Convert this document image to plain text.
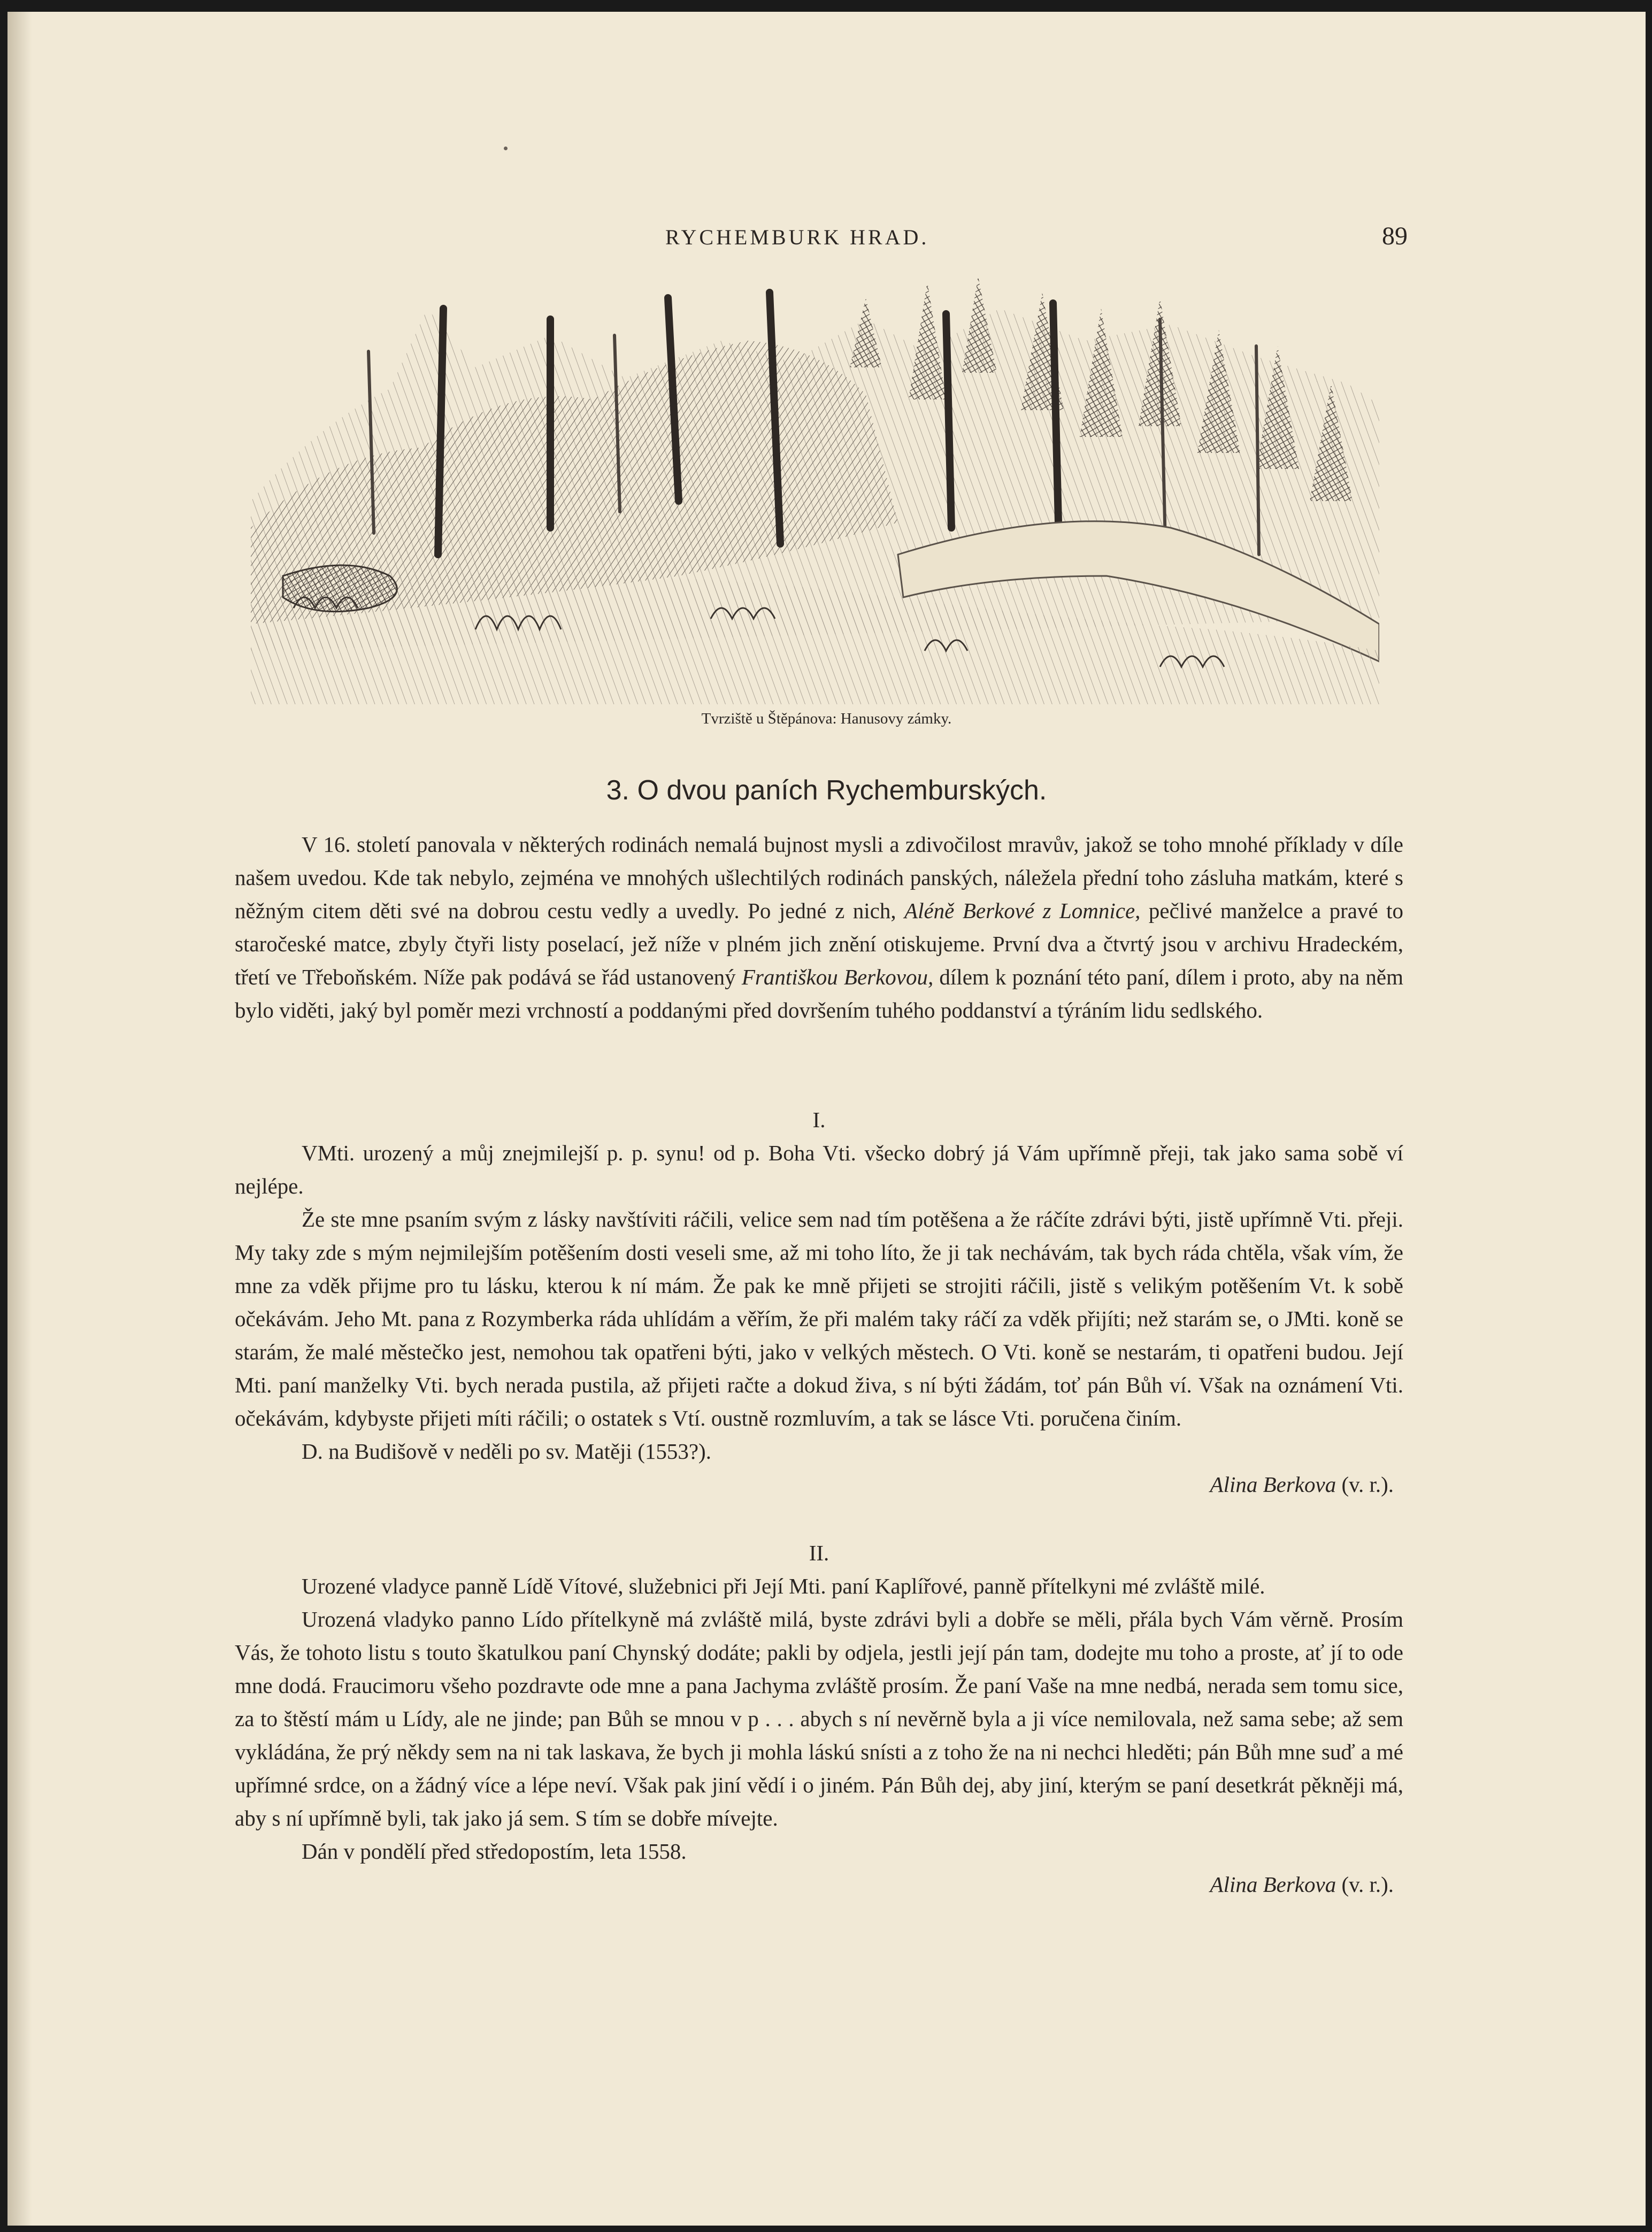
RYCHEMBURK HRAD.	89
Tvrziště u Štěpánova: Hanusovy zámky.
3. O dvou paních Rychemburských.

V 16. století panovala v některých rodinách nemalá bujnost mysli a zdivočilost mravův, jakož se toho mnohé příklady v díle našem uvedou. Kde tak nebylo, zejména ve mnohých ušlechtilých rodinách panských, náležela přední toho zásluha matkám, které s něžným citem děti své na dobrou cestu vedly a uvedly. Po jedné z nich, Aléně Berkové z Lomnice, pečlivé manželce a pravé to staročeské matce, zbyly čtyři listy poselací, jež níže v plném jich znění otiskujeme. První dva a čtvrtý jsou v archivu Hradeckém, třetí ve Třeboňském. Níže pak podává se řád ustanovený Františkou Berkovou, dílem k poznání této paní, dílem i proto, aby na něm bylo viděti, jaký byl poměr mezi vrchností a poddanými před dovršením tuhého poddanství a týráním lidu sedlského.

I.

VMti. urozený a můj znejmilejší p. p. synu! od p. Boha Vti. všecko dobrý já Vám upřímně přeji, tak jako sama sobě ví nejlépe.

Že ste mne psaním svým z lásky navštíviti ráčili, velice sem nad tím potěšena a že ráčíte zdrávi býti, jistě upřímně Vti. přeji. My taky zde s mým nejmilejším potěšením dosti veseli sme, až mi toho líto, že ji tak nechávám, tak bych ráda chtěla, však vím, že mne za vděk přijme pro tu lásku, kterou k ní mám. Že pak ke mně přijeti se strojiti ráčili, jistě s velikým potěšením Vt. k sobě očekávám. Jeho Mt. pana z Rozymberka ráda uhlídám a věřím, že při malém taky ráčí za vděk přijíti; než starám se, o JMti. koně se starám, že malé městečko jest, nemohou tak opatřeni býti, jako v velkých městech. O Vti. koně se nestarám, ti opatřeni budou. Její Mti. paní manželky Vti. bych nerada pustila, až přijeti račte a dokud živa, s ní býti žádám, toť pán Bůh ví. Však na oznámení Vti. očekávám, kdybyste přijeti míti ráčili; o ostatek s Vtí. oustně rozmluvím, a tak se lásce Vti. poručena činím.

D. na Budišově v neděli po sv. Matěji (1553?).

Alina Berkova (v. r.).

II.

Urozené vladyce panně Lídě Vítové, služebnici při Její Mti. paní Kaplířové, panně přítelkyni mé zvláště milé.

Urozená vladyko panno Lído přítelkyně má zvláště milá, byste zdrávi byli a dobře se měli, přála bych Vám věrně. Prosím Vás, že tohoto listu s touto škatulkou paní Chynský dodáte; pakli by odjela, jestli její pán tam, dodejte mu toho a proste, ať jí to ode mne dodá. Fraucimoru všeho pozdravte ode mne a pana Jachyma zvláště prosím. Že paní Vaše na mne nedbá, nerada sem tomu sice, za to štěstí mám u Lídy, ale ne jinde; pan Bůh se mnou v p . . . abych s ní nevěrně byla a ji více nemilovala, než sama sebe; až sem vykládána, že prý někdy sem na ni tak laskava, že bych ji mohla láskú snísti a z toho že na ni nechci hleděti; pán Bůh mne suď a mé upřímné srdce, on a žádný více a lépe neví. Však pak jiní vědí i o jiném. Pán Bůh dej, aby jiní, kterým se paní desetkrát pěkněji má, aby s ní upřímně byli, tak jako já sem. S tím se dobře mívejte.

Dán v pondělí před středopostím, leta 1558.

Alina Berkova (v. r.).
